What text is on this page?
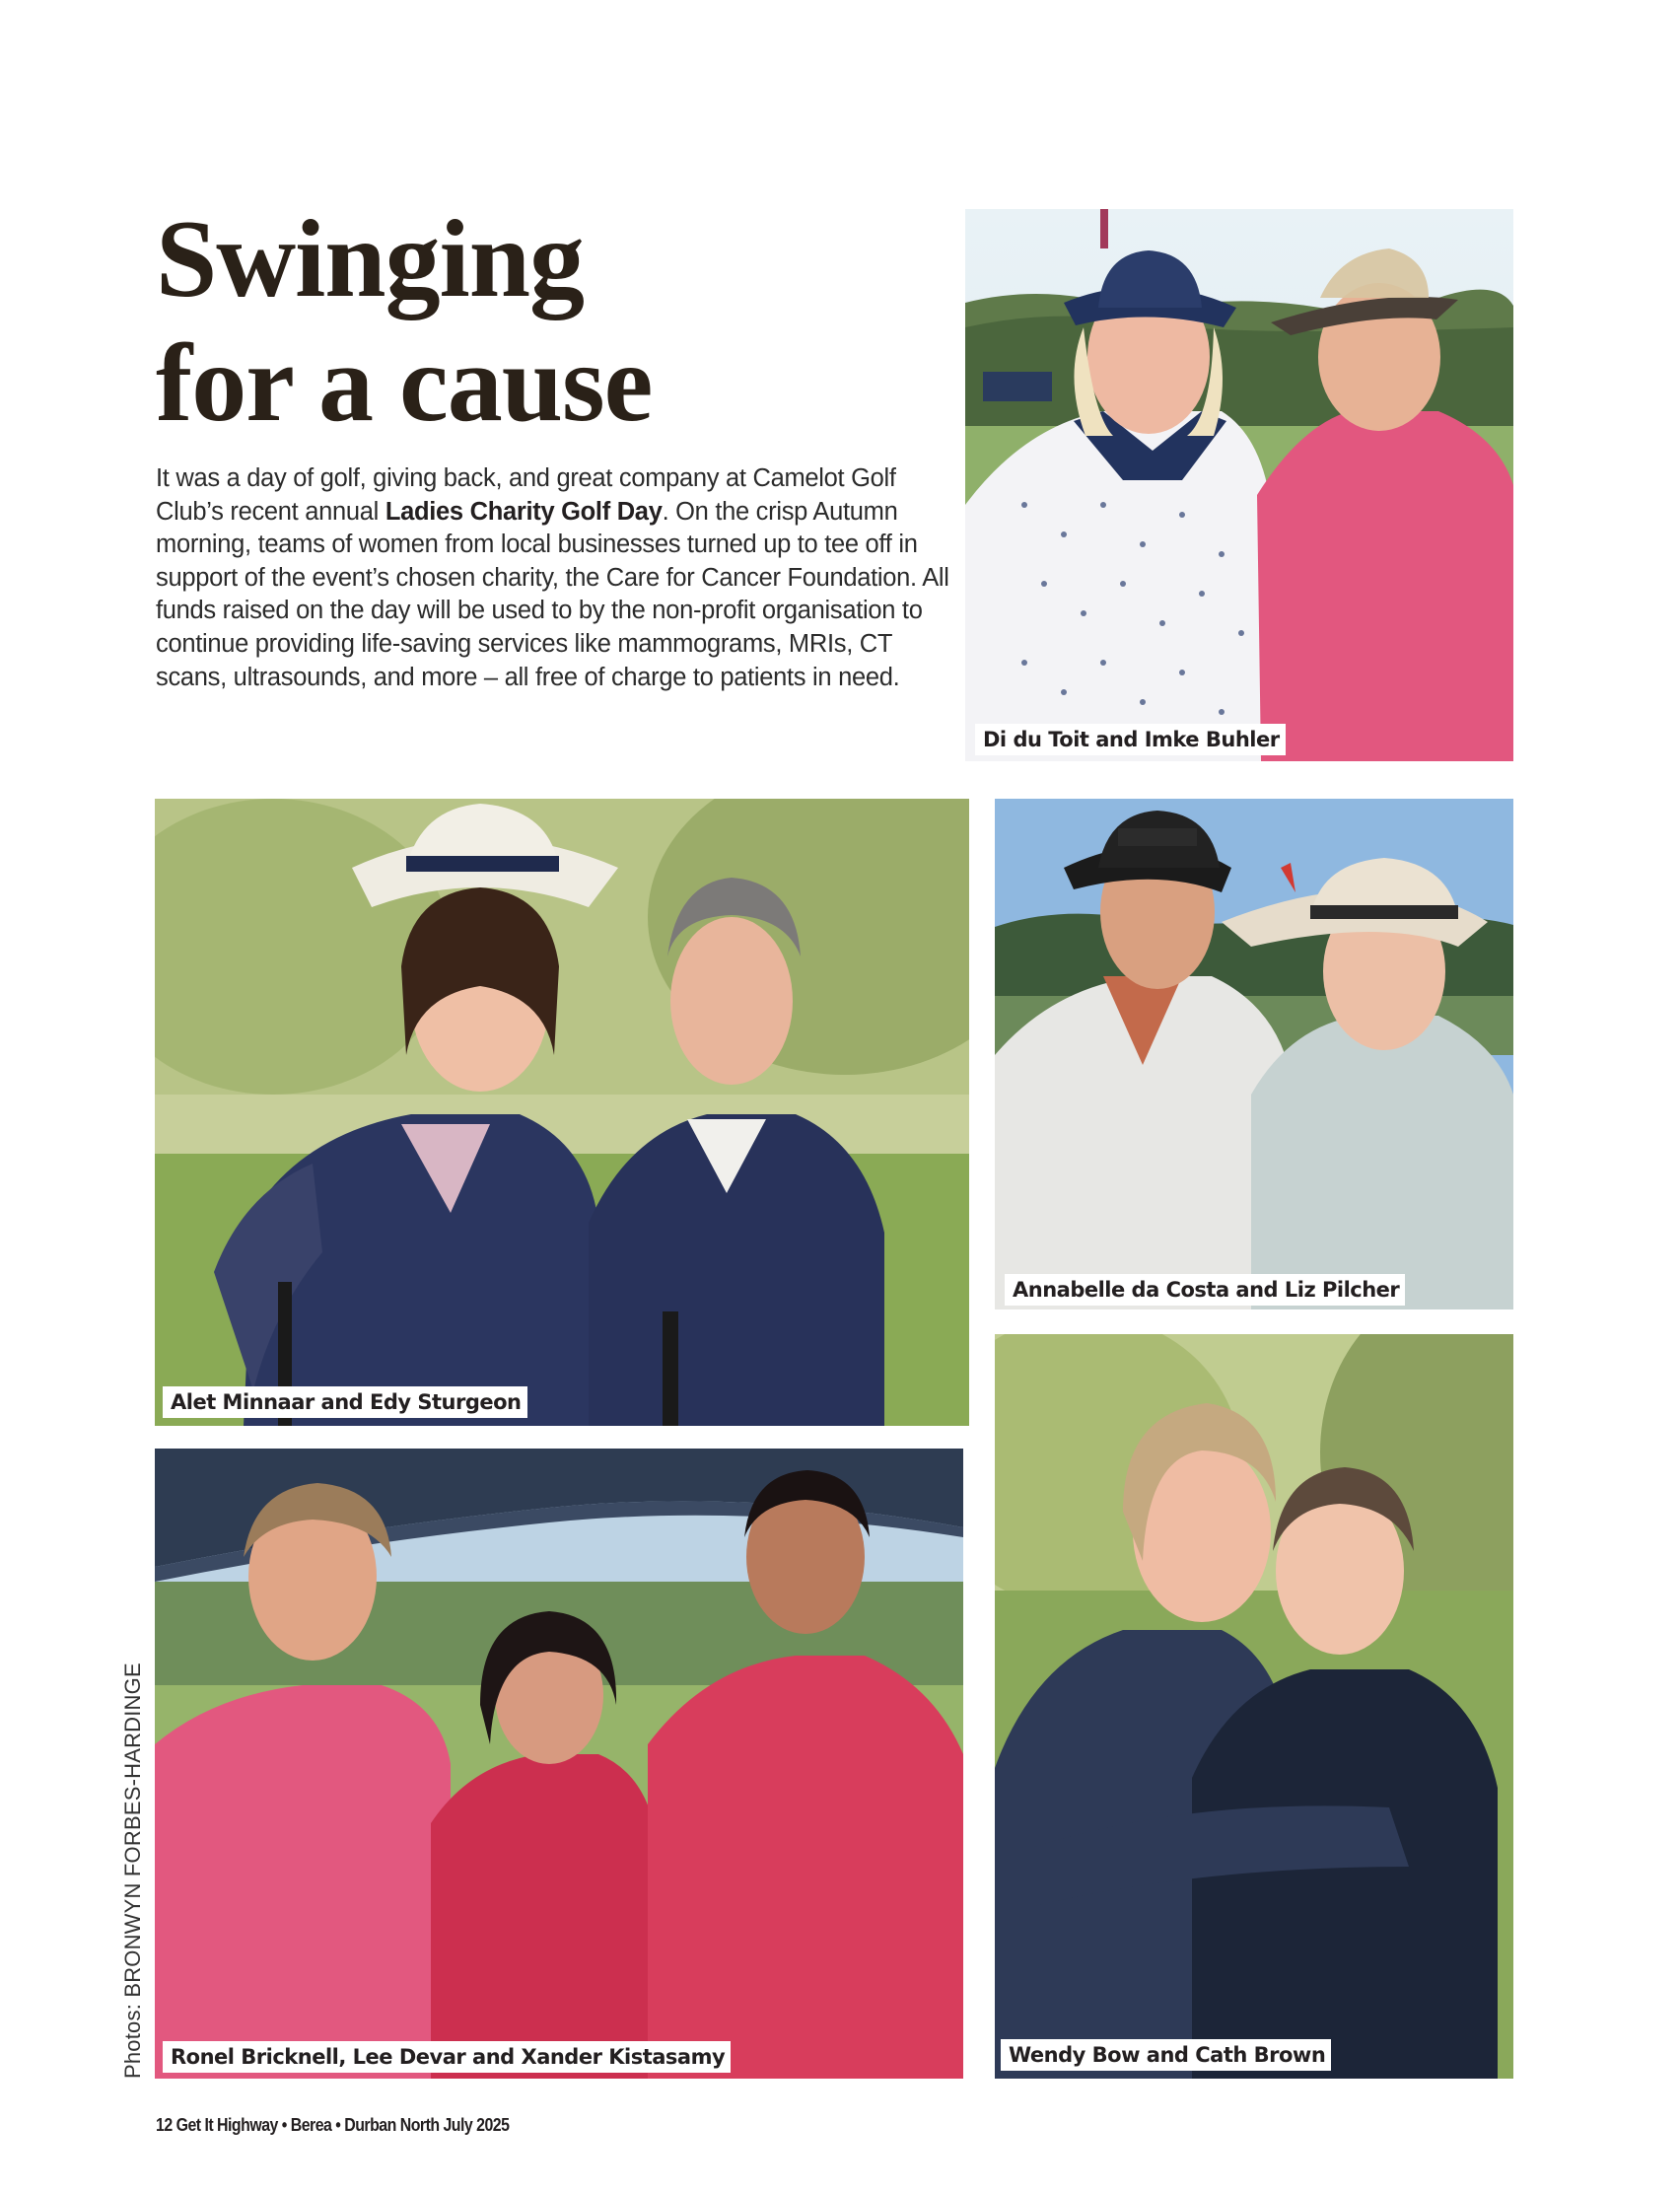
Swinging
for a cause

It was a day of golf, giving back, and great company at Camelot Golf Club’s recent annual Ladies Charity Golf Day. On the crisp Autumn morning, teams of women from local businesses turned up to tee off in support of the event’s chosen charity, the Care for Cancer Foundation. All funds raised on the day will be used to by the non-profit organisation to continue providing life-saving services like mammograms, MRIs, CT scans, ultrasounds, and more – all free of charge to patients in need.

Di du Toit and Imke Buhler
Alet Minnaar and Edy Sturgeon
Annabelle da Costa and Liz Pilcher
Wendy Bow and Cath Brown
Ronel Bricknell, Lee Devar and Xander Kistasamy
Photos: BRONWYN FORBES-HARDINGE
12 Get It Highway • Berea • Durban North July 2025
